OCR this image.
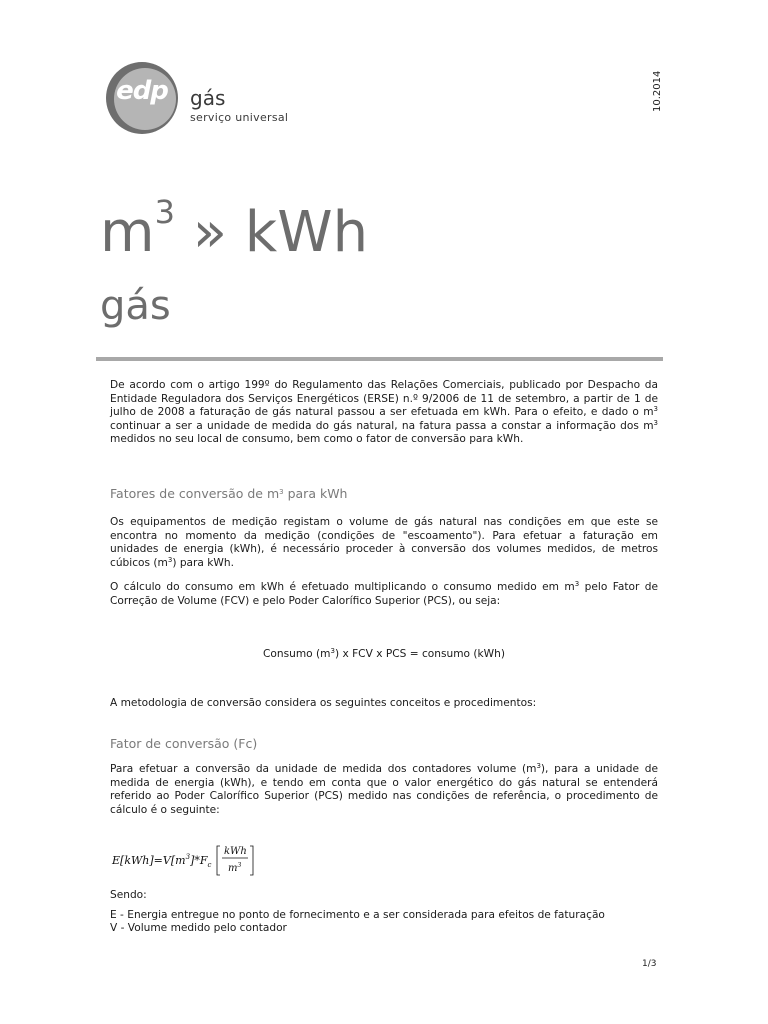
edp	gás
serviço universal
10.2014
$m^3$ » kWh
gás
De acordo com o artigo 199º do Regulamento das Relações Comerciais, publicado por Despacho da Entidade Reguladora dos Serviços Energéticos (ERSE) n.º 9/2006 de 11 de setembro, a partir de 1 de julho de 2008 a faturação de gás natural passou a ser efetuada em kWh. Para o efeito, e dado o $m^3$ continuar a ser a unidade de medida do gás natural, na fatura passa a constar a informação dos $m^3$ medidos no seu local de consumo, bem como o fator de conversão para kWh.
Fatores de conversão de $m^3$ para kWh
Os equipamentos de medição registam o volume de gás natural nas condições em que este se encontra no momento da medição (condições de "escoamento"). Para efetuar a faturação em unidades de energia (kWh), é necessário proceder à conversão dos volumes medidos, de metros cúbicos $(m^3)$ para kWh.
O cálculo do consumo em kWh é efetuado multiplicando o consumo medido em $m^3$ pelo Fator de Correção de Volume (FCV) e pelo Poder Calorífico Superior (PCS), ou seja:
Consumo $(m^3)$ x FCV x PCS = consumo (kWh)
A metodologia de conversão considera os seguintes conceitos e procedimentos:
Fator de conversão (Fc)
Para efetuar a conversão da unidade de medida dos contadores volume $(m^3)$, para a unidade de medida de energia (kWh), e tendo em conta que o valor energético do gás natural se entenderá referido ao Poder Calorífico Superior (PCS) medido nas condições de referência, o procedimento de cálculo é o seguinte:
$E[kWh]=V[m^3]*F_c$
kWh
$m^3$
Sendo:
E - Energia entregue no ponto de fornecimento e a ser considerada para efeitos de faturação
V - Volume medido pelo contador
1/3
